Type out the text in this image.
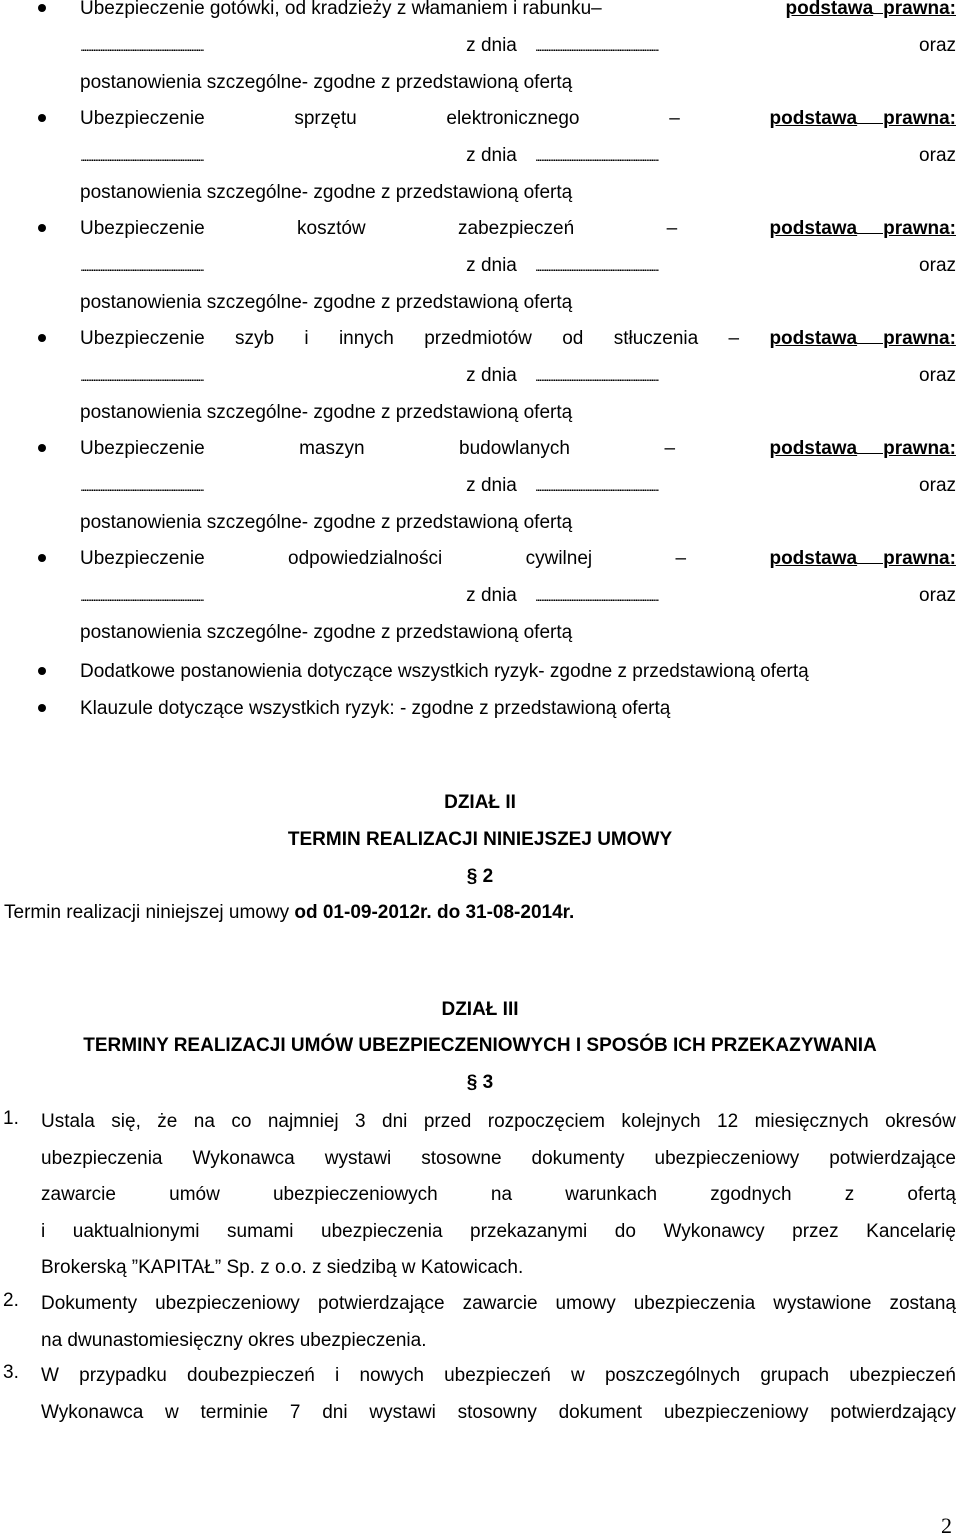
Ubezpieczenie gotówki, od kradzieży z włamaniem i rabunku–	podstawa prawna:
. . .
z dnia . . .	oraz
postanowienia szczególne- zgodne z przedstawioną ofertą
Ubezpieczenie	sprzętu	elektronicznego	–	podstawa prawna:
. . .
z dnia . . .	oraz
postanowienia szczególne- zgodne z przedstawioną ofertą
Ubezpieczenie	kosztów	zabezpieczeń	–	podstawa prawna:
. . .
z dnia . . .	oraz
postanowienia szczególne- zgodne z przedstawioną ofertą
Ubezpieczenie szyb i innych przedmiotów od stłuczenia – podstawa prawna:
. . .
z dnia . . .	oraz
postanowienia szczególne- zgodne z przedstawioną ofertą
Ubezpieczenie	maszyn	budowlanych	–	podstawa prawna:
. . .
z dnia . . .	oraz
postanowienia szczególne- zgodne z przedstawioną ofertą
Ubezpieczenie	odpowiedzialności	cywilnej	–	podstawa prawna:
. . .
z dnia . . .	oraz
postanowienia szczególne- zgodne z przedstawioną ofertą
Dodatkowe postanowienia dotyczące wszystkich ryzyk- zgodne z przedstawioną ofertą
Klauzule dotyczące wszystkich ryzyk: - zgodne z przedstawioną ofertą
DZIAŁ II
TERMIN REALIZACJI NINIEJSZEJ UMOWY
§ 2
Termin realizacji niniejszej umowy od 01-09-2012r. do 31-08-2014r.
DZIAŁ III
TERMINY REALIZACJI UMÓW UBEZPIECZENIOWYCH I SPOSÓB ICH PRZEKAZYWANIA
§ 3
1. Ustala się, że na co najmniej 3 dni przed rozpoczęciem kolejnych 12 miesięcznych okresów
ubezpieczenia Wykonawca wystawi stosowne dokumenty ubezpieczeniowy potwierdzające
zawarcie	umów	ubezpieczeniowych	na	warunkach	zgodnych	z	ofertą
i uaktualnionymi sumami ubezpieczenia przekazanymi do Wykonawcy przez Kancelarię
Brokerską ”KAPITAŁ” Sp. z o.o. z siedzibą w Katowicach.
2. Dokumenty ubezpieczeniowy potwierdzające zawarcie umowy ubezpieczenia wystawione zostaną
na dwunastomiesięczny okres ubezpieczenia.
3. W przypadku doubezpieczeń i nowych ubezpieczeń w poszczególnych grupach ubezpieczeń
Wykonawca w terminie 7 dni wystawi stosowny dokument ubezpieczeniowy potwierdzający
2
